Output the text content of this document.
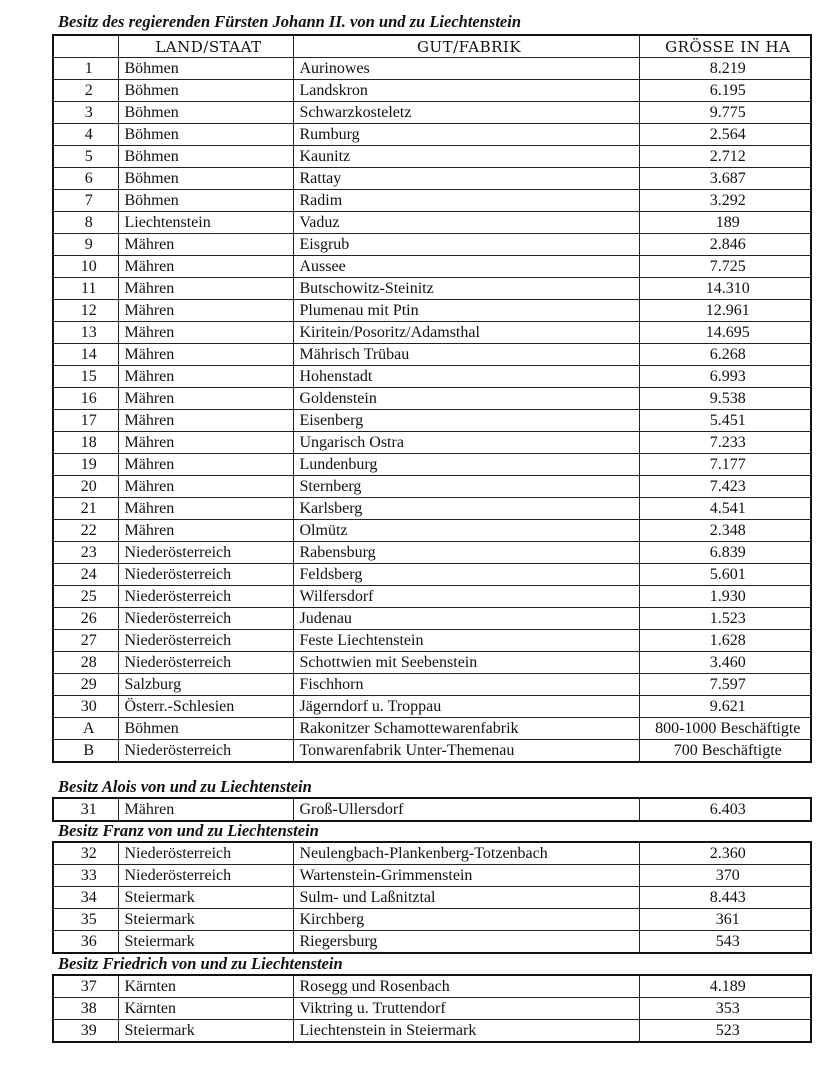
Besitz des regierenden Fürsten Johann II. von und zu Liechtenstein
	LAND/STAAT	GUT/FABRIK	GRÖSSE IN HA
1	Böhmen	Aurinowes	8.219
2	Böhmen	Landskron	6.195
3	Böhmen	Schwarzkosteletz	9.775
4	Böhmen	Rumburg	2.564
5	Böhmen	Kaunitz	2.712
6	Böhmen	Rattay	3.687
7	Böhmen	Radim	3.292
8	Liechtenstein	Vaduz	189
9	Mähren	Eisgrub	2.846
10	Mähren	Aussee	7.725
11	Mähren	Butschowitz-Steinitz	14.310
12	Mähren	Plumenau mit Ptin	12.961
13	Mähren	Kiritein/Posoritz/Adamsthal	14.695
14	Mähren	Mährisch Trübau	6.268
15	Mähren	Hohenstadt	6.993
16	Mähren	Goldenstein	9.538
17	Mähren	Eisenberg	5.451
18	Mähren	Ungarisch Ostra	7.233
19	Mähren	Lundenburg	7.177
20	Mähren	Sternberg	7.423
21	Mähren	Karlsberg	4.541
22	Mähren	Olmütz	2.348
23	Niederösterreich	Rabensburg	6.839
24	Niederösterreich	Feldsberg	5.601
25	Niederösterreich	Wilfersdorf	1.930
26	Niederösterreich	Judenau	1.523
27	Niederösterreich	Feste Liechtenstein	1.628
28	Niederösterreich	Schottwien mit Seebenstein	3.460
29	Salzburg	Fischhorn	7.597
30	Österr.-Schlesien	Jägerndorf u. Troppau	9.621
A	Böhmen	Rakonitzer Schamottewarenfabrik	800-1000 Beschäftigte
B	Niederösterreich	Tonwarenfabrik Unter-Themenau	700 Beschäftigte
Besitz Alois von und zu Liechtenstein
31	Mähren	Groß-Ullersdorf	6.403
Besitz Franz von und zu Liechtenstein
32	Niederösterreich	Neulengbach-Plankenberg-Totzenbach	2.360
33	Niederösterreich	Wartenstein-Grimmenstein	370
34	Steiermark	Sulm- und Laßnitztal	8.443
35	Steiermark	Kirchberg	361
36	Steiermark	Riegersburg	543
Besitz Friedrich von und zu Liechtenstein
37	Kärnten	Rosegg und Rosenbach	4.189
38	Kärnten	Viktring u. Truttendorf	353
39	Steiermark	Liechtenstein in Steiermark	523
